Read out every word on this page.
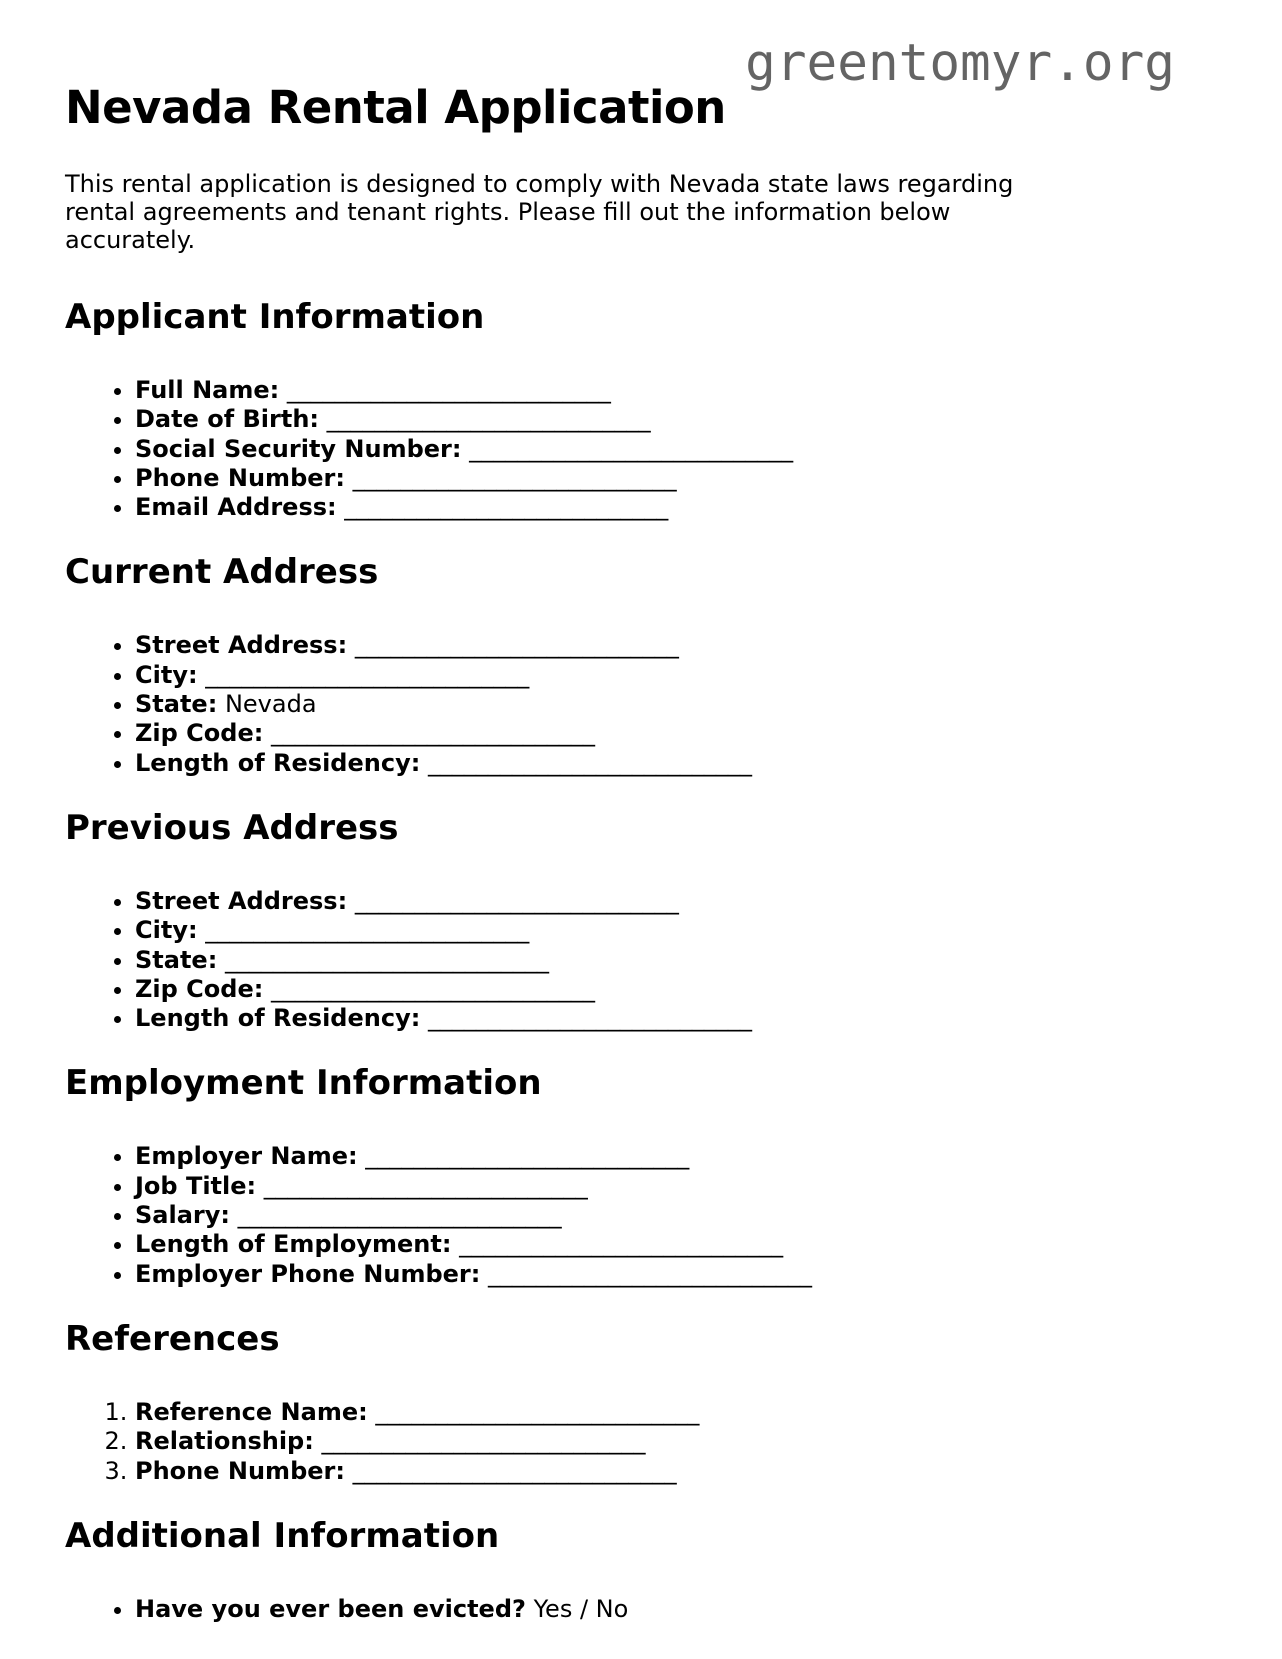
greentomyr.org
Nevada Rental Application

This rental application is designed to comply with Nevada state laws regarding rental agreements and tenant rights. Please fill out the information below accurately.

Applicant Information
• Full Name: ___________________________
• Date of Birth: ___________________________
• Social Security Number: ___________________________
• Phone Number: ___________________________
• Email Address: ___________________________
Current Address
• Street Address: ___________________________
• City: ___________________________
• State: Nevada
• Zip Code: ___________________________
• Length of Residency: ___________________________
Previous Address
• Street Address: ___________________________
• City: ___________________________
• State: ___________________________
• Zip Code: ___________________________
• Length of Residency: ___________________________
Employment Information
• Employer Name: ___________________________
• Job Title: ___________________________
• Salary: ___________________________
• Length of Employment: ___________________________
• Employer Phone Number: ___________________________
References
1. Reference Name: ___________________________
2. Relationship: ___________________________
3. Phone Number: ___________________________
Additional Information
• Have you ever been evicted? Yes / No
